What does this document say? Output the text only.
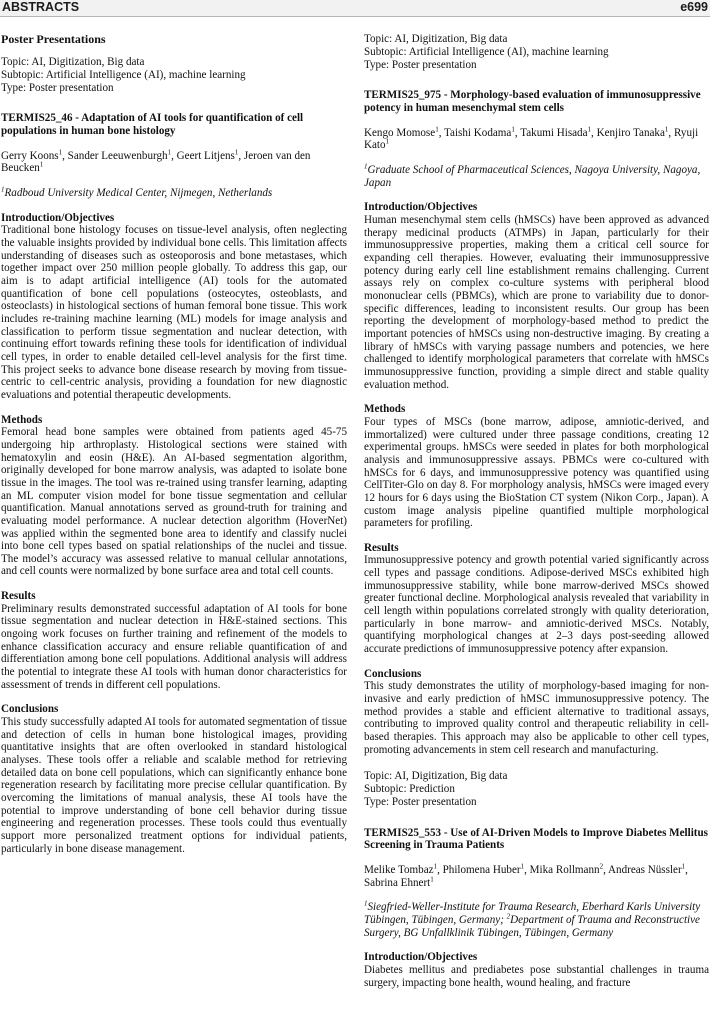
ABSTRACTS	e699
Poster Presentations
Topic: AI, Digitization, Big data
Subtopic: Artificial Intelligence (AI), machine learning
Type: Poster presentation
TERMIS25_46 - Adaptation of AI tools for quantification of cell populations in human bone histology
Gerry Koons$^1$, Sander Leeuwenburgh$^1$, Geert Litjens$^1$, Jeroen van den Beucken$^1$
$^1$Radboud University Medical Center, Nijmegen, Netherlands
Introduction/Objectives

Traditional bone histology focuses on tissue-level analysis, often neglecting the valuable insights provided by individual bone cells. This limitation affects understanding of diseases such as osteoporosis and bone metastases, which together impact over 250 million people globally. To address this gap, our aim is to adapt artificial intelligence (AI) tools for the automated quantification of bone cell populations (osteocytes, osteoblasts, and osteoclasts) in histological sections of human femoral bone tissue. This work includes re-training machine learning (ML) models for image analysis and classification to perform tissue segmentation and nuclear detection, with continuing effort towards refining these tools for identification of individual cell types, in order to enable detailed cell-level analysis for the first time. This project seeks to advance bone disease research by moving from tissue-centric to cell-centric analysis, providing a foundation for new diagnostic evaluations and potential therapeutic developments.

Methods

Femoral head bone samples were obtained from patients aged 45-75 undergoing hip arthroplasty. Histological sections were stained with hematoxylin and eosin (H&E). An AI-based segmentation algorithm, originally developed for bone marrow analysis, was adapted to isolate bone tissue in the images. The tool was re-trained using transfer learning, adapting an ML computer vision model for bone tissue segmentation and cellular quantification. Manual annotations served as ground-truth for training and evaluating model performance. A nuclear detection algorithm (HoverNet) was applied within the segmented bone area to identify and classify nuclei into bone cell types based on spatial relationships of the nuclei and tissue. The model’s accuracy was assessed relative to manual cellular annotations, and cell counts were normalized by bone surface area and total cell counts.

Results

Preliminary results demonstrated successful adaptation of AI tools for bone tissue segmentation and nuclear detection in H&E-stained sections. This ongoing work focuses on further training and refinement of the models to enhance classification accuracy and ensure reliable quantification of and differentiation among bone cell populations. Additional analysis will address the potential to integrate these AI tools with human donor characteristics for assessment of trends in different cell populations.

Conclusions

This study successfully adapted AI tools for automated segmentation of tissue and detection of cells in human bone histological images, providing quantitative insights that are often overlooked in standard histological analyses. These tools offer a reliable and scalable method for retrieving detailed data on bone cell populations, which can significantly enhance bone regeneration research by facilitating more precise cellular quantification. By overcoming the limitations of manual analysis, these AI tools have the potential to improve understanding of bone cell behavior during tissue engineering and regeneration processes. These tools could thus eventually support more personalized treatment options for individual patients, particularly in bone disease management.

Topic: AI, Digitization, Big data
Subtopic: Artificial Intelligence (AI), machine learning
Type: Poster presentation
TERMIS25_975 - Morphology-based evaluation of immunosuppressive potency in human mesenchymal stem cells
Kengo Momose$^1$, Taishi Kodama$^1$, Takumi Hisada$^1$, Kenjiro Tanaka$^1$, Ryuji Kato$^1$
$^1$Graduate School of Pharmaceutical Sciences, Nagoya University, Nagoya, Japan
Introduction/Objectives

Human mesenchymal stem cells (hMSCs) have been approved as advanced therapy medicinal products (ATMPs) in Japan, particularly for their immunosuppressive properties, making them a critical cell source for expanding cell therapies. However, evaluating their immunosuppressive potency during early cell line establishment remains challenging. Current assays rely on complex co-culture systems with peripheral blood mononuclear cells (PBMCs), which are prone to variability due to donor-specific differences, leading to inconsistent results. Our group has been reporting the development of morphology-based method to predict the important potencies of hMSCs using non-destructive imaging. By creating a library of hMSCs with varying passage numbers and potencies, we here challenged to identify morphological parameters that correlate with hMSCs immunosuppressive function, providing a simple direct and stable quality evaluation method.

Methods

Four types of MSCs (bone marrow, adipose, amniotic-derived, and immortalized) were cultured under three passage conditions, creating 12 experimental groups. hMSCs were seeded in plates for both morphological analysis and immunosuppressive assays. PBMCs were co-cultured with hMSCs for 6 days, and immunosuppressive potency was quantified using CellTiter-Glo on day 8. For morphology analysis, hMSCs were imaged every 12 hours for 6 days using the BioStation CT system (Nikon Corp., Japan). A custom image analysis pipeline quantified multiple morphological parameters for profiling.

Results

Immunosuppressive potency and growth potential varied significantly across cell types and passage conditions. Adipose-derived MSCs exhibited high immunosuppressive stability, while bone marrow-derived MSCs showed greater functional decline. Morphological analysis revealed that variability in cell length within populations correlated strongly with quality deterioration, particularly in bone marrow- and amniotic-derived MSCs. Notably, quantifying morphological changes at 2–3 days post-seeding allowed accurate predictions of immunosuppressive potency after expansion.

Conclusions

This study demonstrates the utility of morphology-based imaging for non-invasive and early prediction of hMSC immunosuppressive potency. The method provides a stable and efficient alternative to traditional assays, contributing to improved quality control and therapeutic reliability in cell-based therapies. This approach may also be applicable to other cell types, promoting advancements in stem cell research and manufacturing.

Topic: AI, Digitization, Big data
Subtopic: Prediction
Type: Poster presentation
TERMIS25_553 - Use of AI-Driven Models to Improve Diabetes Mellitus Screening in Trauma Patients
Melike Tombaz$^1$, Philomena Huber$^1$, Mika Rollmann$^2$, Andreas Nüssler$^1$, Sabrina Ehnert$^1$
$^1$Siegfried-Weller-Institute for Trauma Research, Eberhard Karls University Tübingen, Tübingen, Germany; $^2$Department of Trauma and Reconstructive Surgery, BG Unfallklinik Tübingen, Tübingen, Germany
Introduction/Objectives

Diabetes mellitus and prediabetes pose substantial challenges in trauma surgery, impacting bone health, wound healing, and fracture
